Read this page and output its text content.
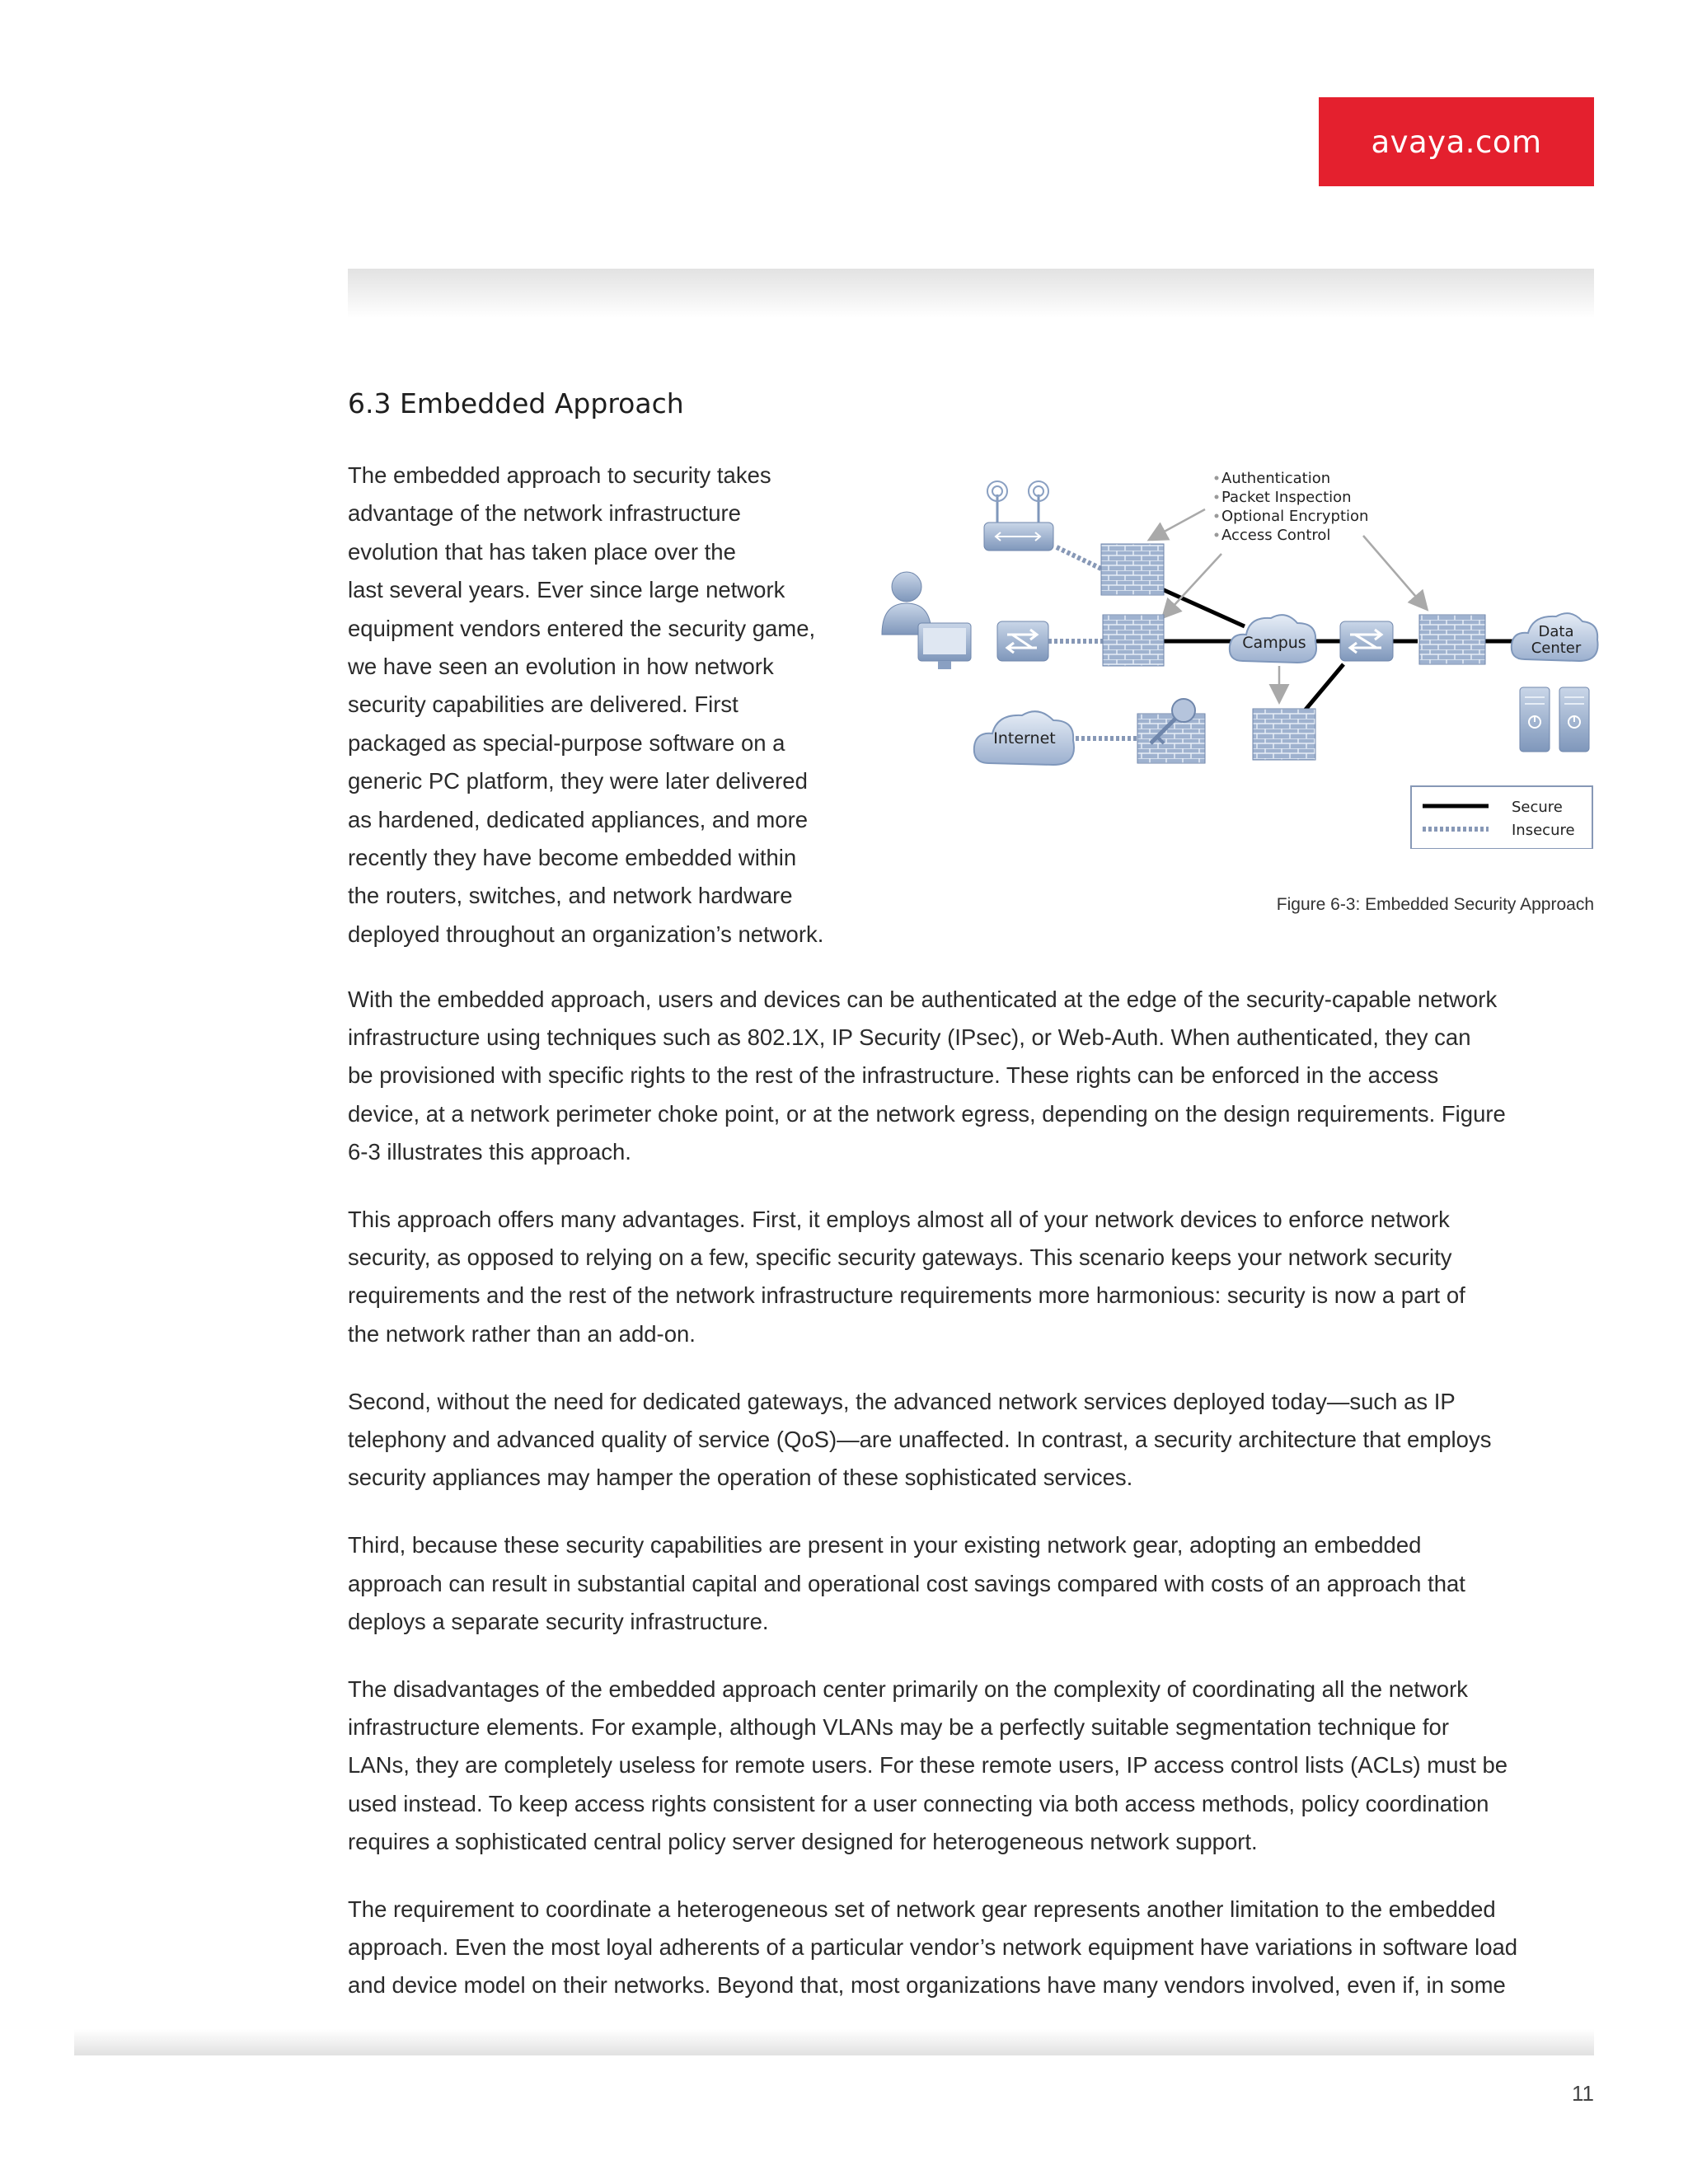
avaya.com
6.3 Embedded Approach
The embedded approach to security takes
advantage of the network infrastructure
evolution that has taken place over the
last several years. Ever since large network
equipment vendors entered the security game,
we have seen an evolution in how network
security capabilities are delivered. First
packaged as special-purpose software on a
generic PC platform, they were later delivered
as hardened, dedicated appliances, and more
recently they have become embedded within
the routers, switches, and network hardware
deployed throughout an organization’s network.
Authentication
Packet Inspection
Optional Encryption
Access Control
Campus
Internet
Data
Center
Secure
Insecure
Figure 6-3: Embedded Security Approach

With the embedded approach, users and devices can be authenticated at the edge of the security-capable network
infrastructure using techniques such as 802.1X, IP Security (IPsec), or Web-Auth. When authenticated, they can
be provisioned with specific rights to the rest of the infrastructure. These rights can be enforced in the access
device, at a network perimeter choke point, or at the network egress, depending on the design requirements. Figure
6-3 illustrates this approach.

This approach offers many advantages. First, it employs almost all of your network devices to enforce network
security, as opposed to relying on a few, specific security gateways. This scenario keeps your network security
requirements and the rest of the network infrastructure requirements more harmonious: security is now a part of
the network rather than an add-on.

Second, without the need for dedicated gateways, the advanced network services deployed today—such as IP
telephony and advanced quality of service (QoS)—are unaffected. In contrast, a security architecture that employs
security appliances may hamper the operation of these sophisticated services.

Third, because these security capabilities are present in your existing network gear, adopting an embedded
approach can result in substantial capital and operational cost savings compared with costs of an approach that
deploys a separate security infrastructure.

The disadvantages of the embedded approach center primarily on the complexity of coordinating all the network
infrastructure elements. For example, although VLANs may be a perfectly suitable segmentation technique for
LANs, they are completely useless for remote users. For these remote users, IP access control lists (ACLs) must be
used instead. To keep access rights consistent for a user connecting via both access methods, policy coordination
requires a sophisticated central policy server designed for heterogeneous network support.

The requirement to coordinate a heterogeneous set of network gear represents another limitation to the embedded
approach. Even the most loyal adherents of a particular vendor’s network equipment have variations in software load
and device model on their networks. Beyond that, most organizations have many vendors involved, even if, in some

11
